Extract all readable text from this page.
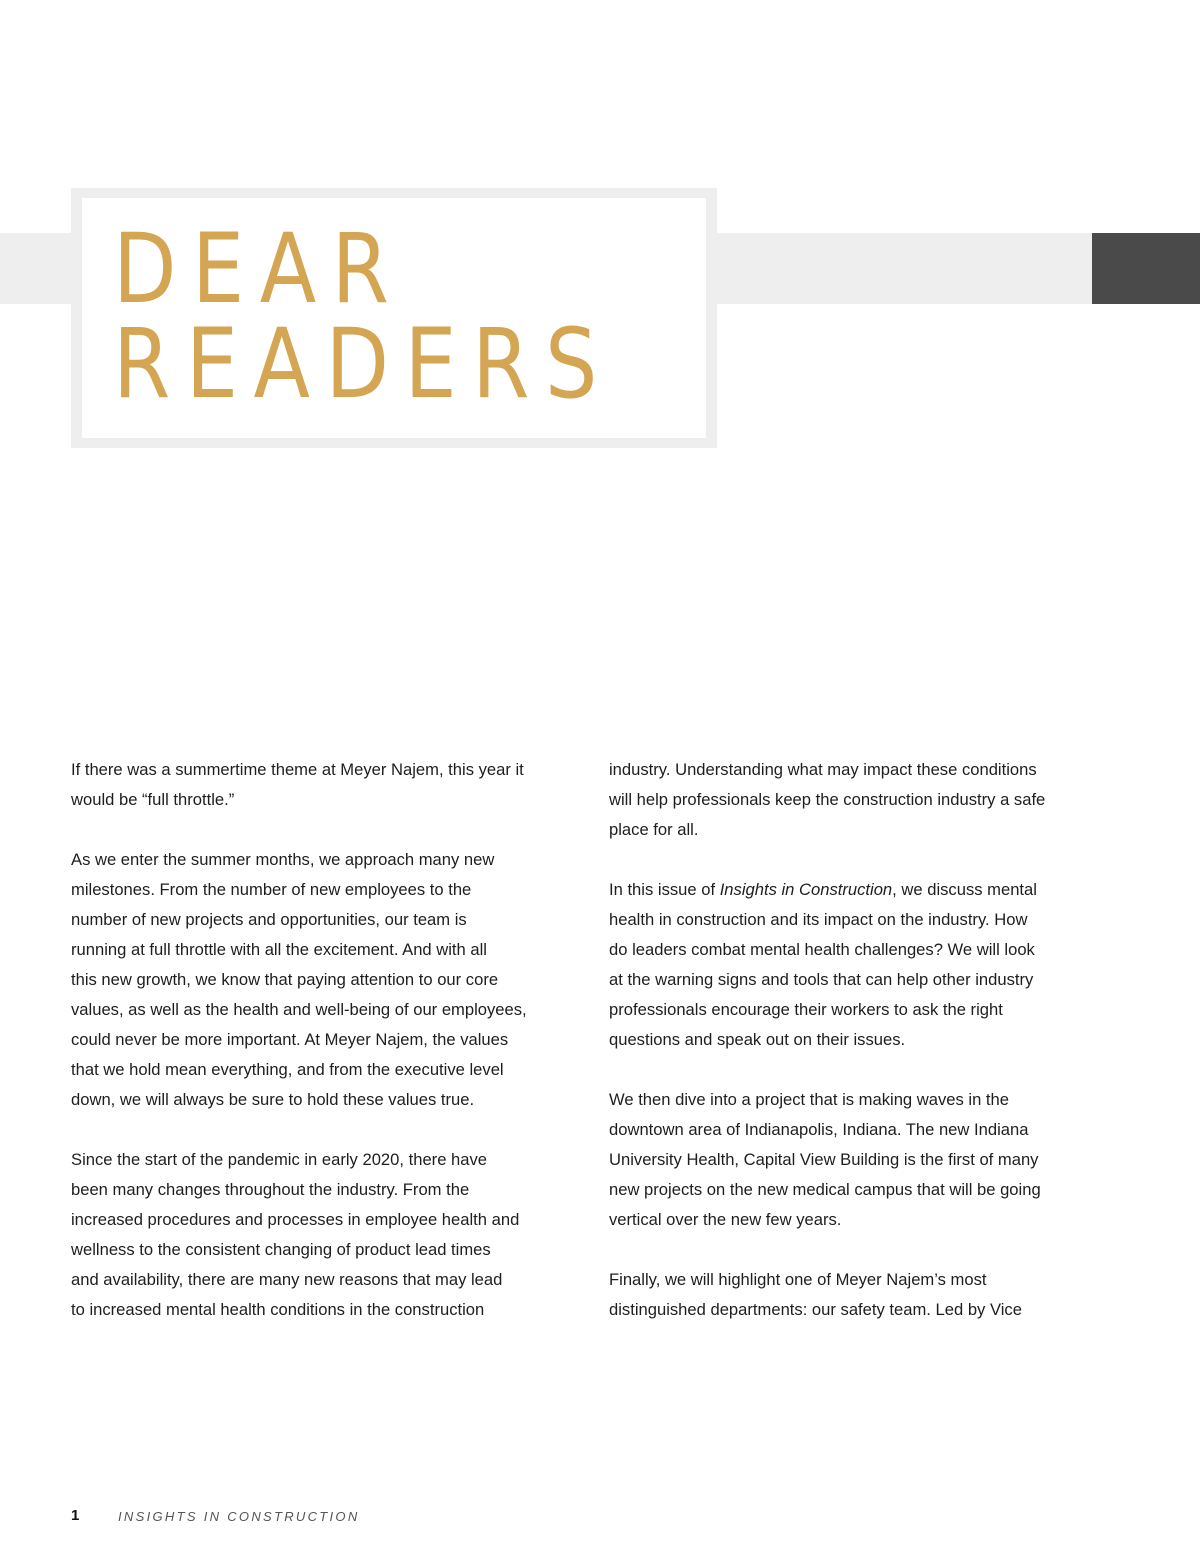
DEAR
READERS

If there was a summertime theme at Meyer Najem, this year it
would be “full throttle.”

As we enter the summer months, we approach many new
milestones. From the number of new employees to the
number of new projects and opportunities, our team is
running at full throttle with all the excitement. And with all
this new growth, we know that paying attention to our core
values, as well as the health and well-being of our employees,
could never be more important. At Meyer Najem, the values
that we hold mean everything, and from the executive level
down, we will always be sure to hold these values true.

Since the start of the pandemic in early 2020, there have
been many changes throughout the industry. From the
increased procedures and processes in employee health and
wellness to the consistent changing of product lead times
and availability, there are many new reasons that may lead
to increased mental health conditions in the construction

industry. Understanding what may impact these conditions
will help professionals keep the construction industry a safe
place for all.

In this issue of Insights in Construction, we discuss mental
health in construction and its impact on the industry. How
do leaders combat mental health challenges? We will look
at the warning signs and tools that can help other industry
professionals encourage their workers to ask the right
questions and speak out on their issues.

We then dive into a project that is making waves in the
downtown area of Indianapolis, Indiana. The new Indiana
University Health, Capital View Building is the first of many
new projects on the new medical campus that will be going
vertical over the new few years.

Finally, we will highlight one of Meyer Najem’s most
distinguished departments: our safety team. Led by Vice

1	INSIGHTS IN CONSTRUCTION
